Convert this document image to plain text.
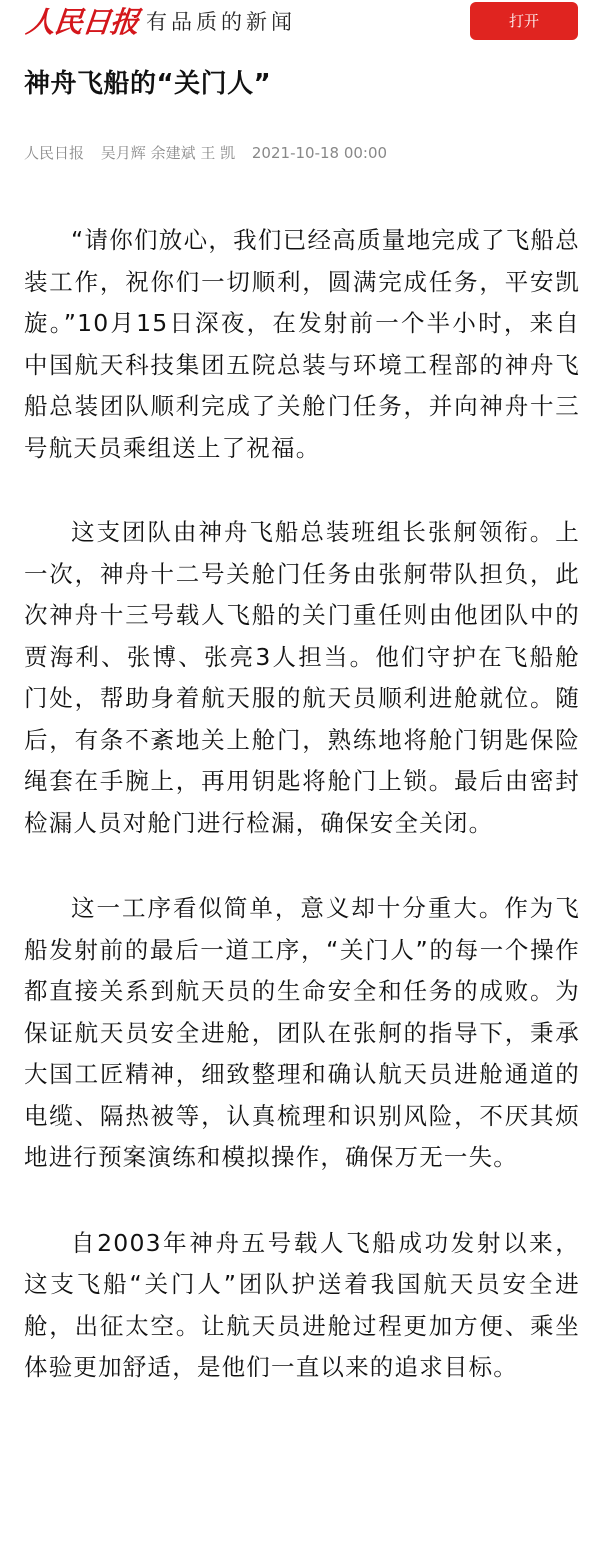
人民日报 有品质的新闻	打开
神舟飞船的“关门人”
人民日报 吴月辉 余建斌 王 凯 2021-10-18 00:00

“请你们放心，我们已经高质量地完成了飞船总装工作，祝你们一切顺利，圆满完成任务，平安凯旋。”10月15日深夜，在发射前一个半小时，来自中国航天科技集团五院总装与环境工程部的神舟飞船总装团队顺利完成了关舱门任务，并向神舟十三号航天员乘组送上了祝福。

这支团队由神舟飞船总装班组长张舸领衔。上一次，神舟十二号关舱门任务由张舸带队担负，此次神舟十三号载人飞船的关门重任则由他团队中的贾海利、张博、张亮3人担当。他们守护在飞船舱门处，帮助身着航天服的航天员顺利进舱就位。随后，有条不紊地关上舱门，熟练地将舱门钥匙保险绳套在手腕上，再用钥匙将舱门上锁。最后由密封检漏人员对舱门进行检漏，确保安全关闭。

这一工序看似简单，意义却十分重大。作为飞船发射前的最后一道工序，“关门人”的每一个操作都直接关系到航天员的生命安全和任务的成败。为保证航天员安全进舱，团队在张舸的指导下，秉承大国工匠精神，细致整理和确认航天员进舱通道的电缆、隔热被等，认真梳理和识别风险，不厌其烦地进行预案演练和模拟操作，确保万无一失。

自2003年神舟五号载人飞船成功发射以来，这支飞船“关门人”团队护送着我国航天员安全进舱，出征太空。让航天员进舱过程更加方便、乘坐体验更加舒适，是他们一直以来的追求目标。
